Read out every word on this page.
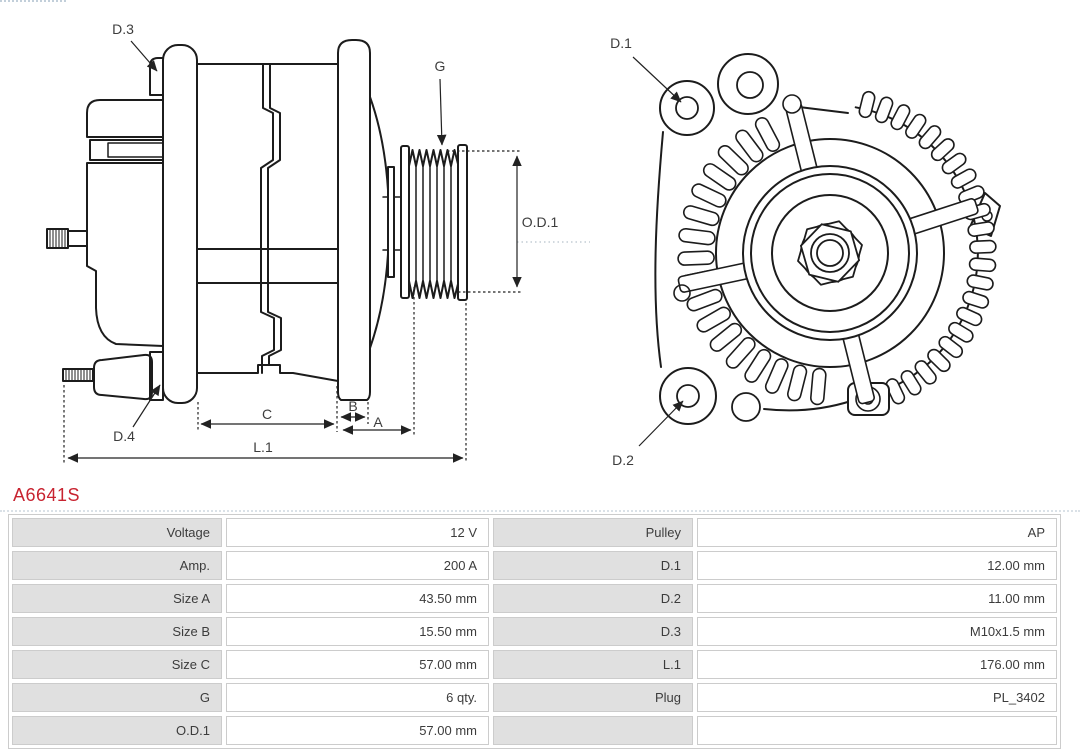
D.3
D.4
G
O.D.1
C	B
A
L.1
D.1
D.2
A6641S
Voltage	12 V	Pulley	AP
Amp.	200 A	D.1	12.00 mm
Size A	43.50 mm	D.2	11.00 mm
Size B	15.50 mm	D.3	M10x1.5 mm
Size C	57.00 mm	L.1	176.00 mm
G	6 qty.	Plug	PL_3402
O.D.1	57.00 mm
